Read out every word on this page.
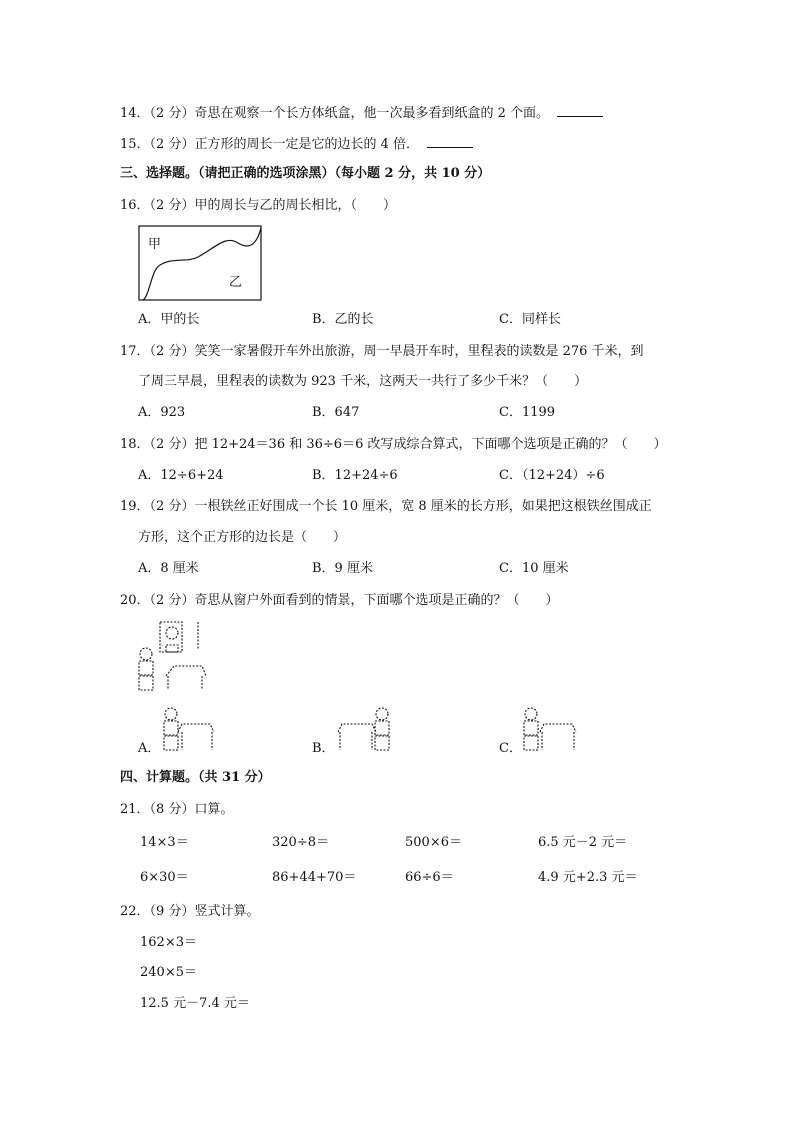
14．（2 分）奇思在观察一个长方体纸盒，他一次最多看到纸盒的 2 个面。
15．（2 分）正方形的周长一定是它的边长的 4 倍．
三、选择题。（请把正确的选项涂黑）（每小题 2 分，共 10 分）
16．（2 分）甲的周长与乙的周长相比，（　　）
甲
乙
A．甲的长	B．乙的长	C．同样长
17．（2 分）笑笑一家暑假开车外出旅游，周一早晨开车时，里程表的读数是 276 千米，到
了周三早晨，里程表的读数为 923 千米，这两天一共行了多少千米？（　　）
A．923	B．647	C．1199
18．（2 分）把 12+24＝36 和 36÷6＝6 改写成综合算式，下面哪个选项是正确的？（　　）
A．12÷6+24	B．12+24÷6	C．（12+24）÷6
19．（2 分）一根铁丝正好围成一个长 10 厘米，宽 8 厘米的长方形，如果把这根铁丝围成正
方形，这个正方形的边长是（　　）
A．8 厘米	B．9 厘米	C．10 厘米
20．（2 分）奇思从窗户外面看到的情景，下面哪个选项是正确的？（　　）
A．	B．	C．
四、计算题。（共 31 分）
21．（8 分）口算。
14×3＝	320÷8＝	500×6＝	6.5 元－2 元＝
6×30＝	86+44+70＝	66÷6＝	4.9 元+2.3 元＝
22．（9 分）竖式计算。
162×3＝
240×5＝
12.5 元－7.4 元＝
